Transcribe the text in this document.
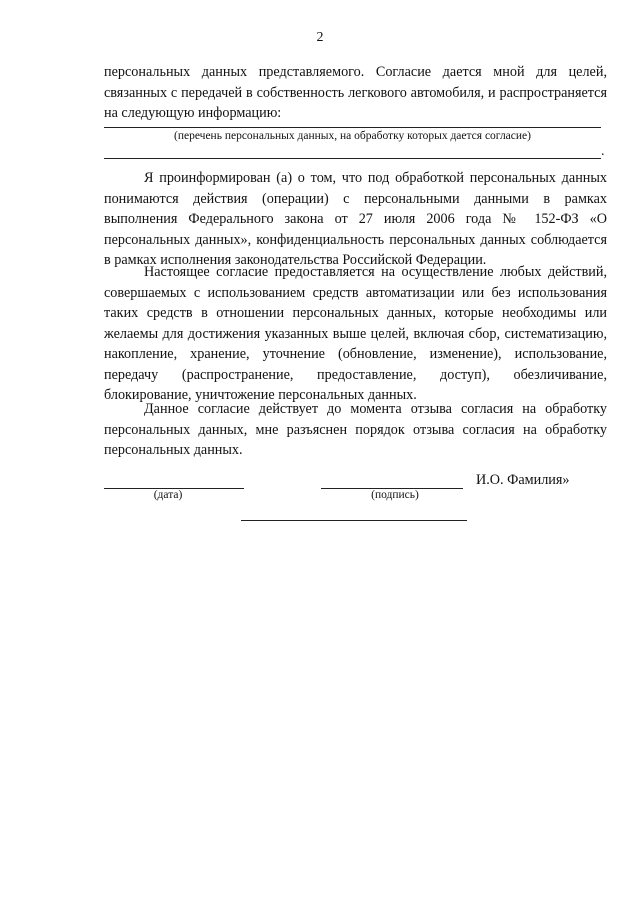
2
персональных данных представляемого. Согласие дается мной для целей, связанных с передачей в собственность легкового автомобиля, и распространяется на следующую информацию:
(перечень персональных данных, на обработку которых дается согласие)
.
Я проинформирован (а) о том, что под обработкой персональных данных понимаются действия (операции) с персональными данными в рамках выполнения Федерального закона от 27 июля 2006 года № 152-ФЗ «О персональных данных», конфиденциальность персональных данных соблюдается в рамках исполнения законодательства Российской Федерации.
Настоящее согласие предоставляется на осуществление любых действий, совершаемых с использованием средств автоматизации или без использования таких средств в отношении персональных данных, которые необходимы или желаемы для достижения указанных выше целей, включая сбор, систематизацию, накопление, хранение, уточнение (обновление, изменение), использование, передачу (распространение, предоставление, доступ), обезличивание, блокирование, уничтожение персональных данных.
Данное согласие действует до момента отзыва согласия на обработку персональных данных, мне разъяснен порядок отзыва согласия на обработку персональных данных.
(дата)	(подпись)
И.О. Фамилия»
